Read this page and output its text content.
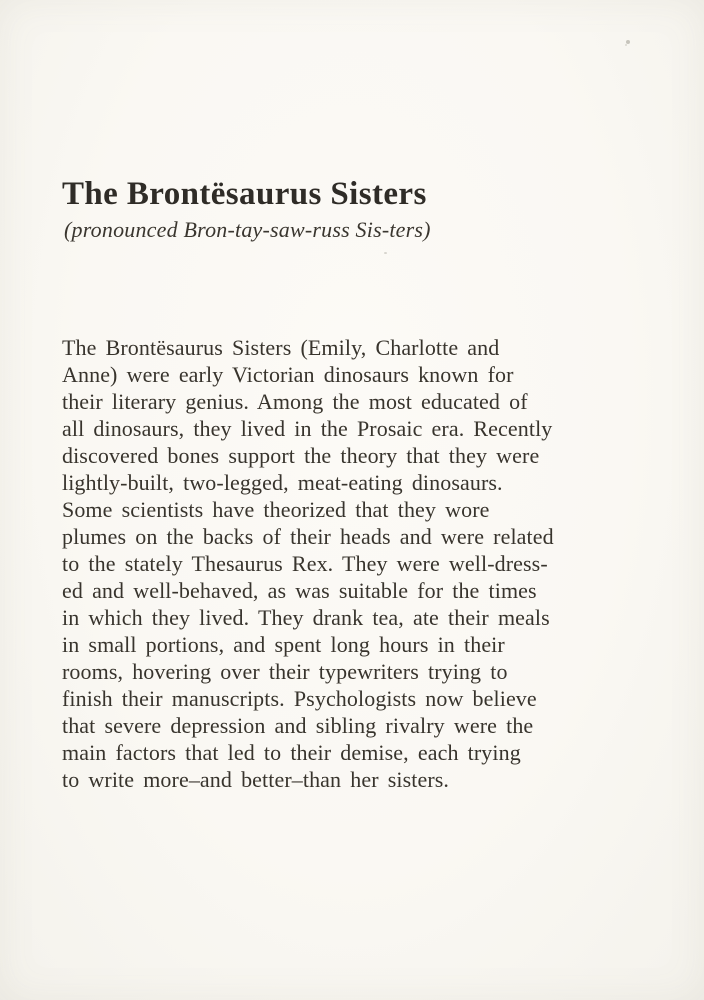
The Brontësaurus Sisters

(pronounced Bron-tay-saw-russ Sis-ters)

The Brontësaurus Sisters (Emily, Charlotte and
Anne) were early Victorian dinosaurs known for
their literary genius. Among the most educated of
all dinosaurs, they lived in the Prosaic era. Recently
discovered bones support the theory that they were
lightly-built, two-legged, meat-eating dinosaurs.
Some scientists have theorized that they wore
plumes on the backs of their heads and were related
to the stately Thesaurus Rex. They were well-dress-
ed and well-behaved, as was suitable for the times
in which they lived. They drank tea, ate their meals
in small portions, and spent long hours in their
rooms, hovering over their typewriters trying to
finish their manuscripts. Psychologists now believe
that severe depression and sibling rivalry were the
main factors that led to their demise, each trying
to write more–and better–than her sisters.
